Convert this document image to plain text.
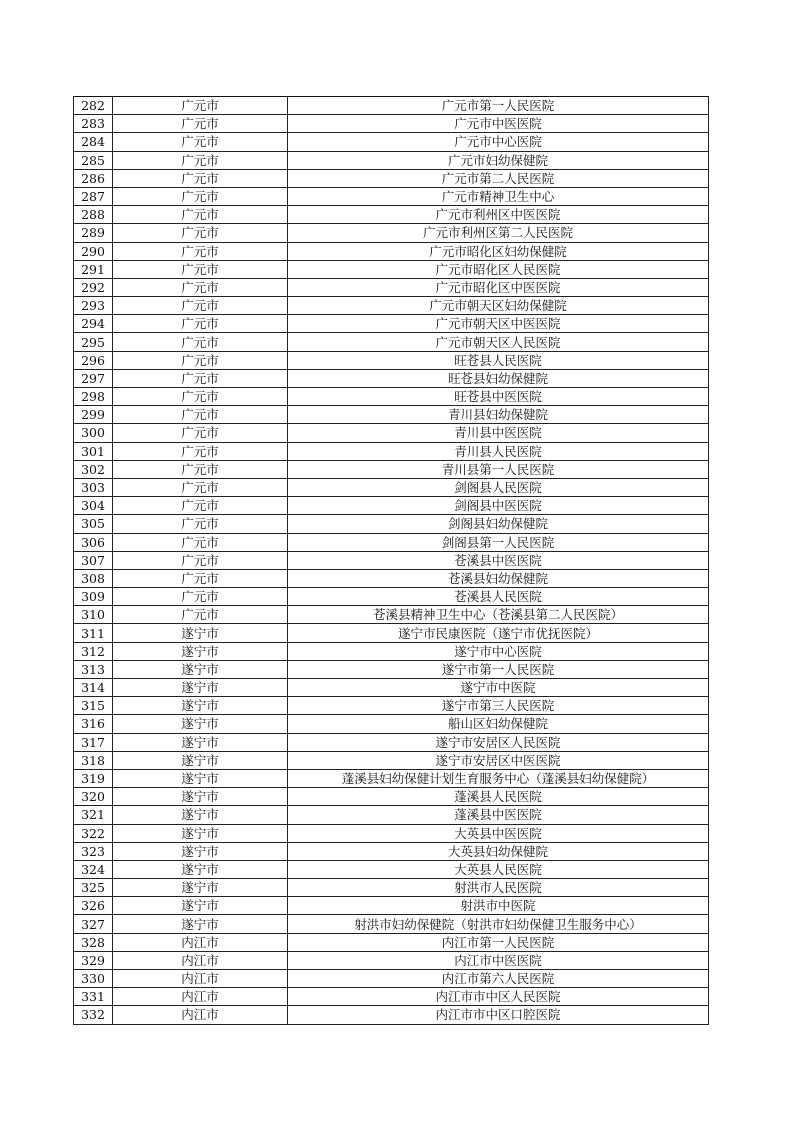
282	广元市	广元市第一人民医院
283	广元市	广元市中医医院
284	广元市	广元市中心医院
285	广元市	广元市妇幼保健院
286	广元市	广元市第二人民医院
287	广元市	广元市精神卫生中心
288	广元市	广元市利州区中医医院
289	广元市	广元市利州区第二人民医院
290	广元市	广元市昭化区妇幼保健院
291	广元市	广元市昭化区人民医院
292	广元市	广元市昭化区中医医院
293	广元市	广元市朝天区妇幼保健院
294	广元市	广元市朝天区中医医院
295	广元市	广元市朝天区人民医院
296	广元市	旺苍县人民医院
297	广元市	旺苍县妇幼保健院
298	广元市	旺苍县中医医院
299	广元市	青川县妇幼保健院
300	广元市	青川县中医医院
301	广元市	青川县人民医院
302	广元市	青川县第一人民医院
303	广元市	剑阁县人民医院
304	广元市	剑阁县中医医院
305	广元市	剑阁县妇幼保健院
306	广元市	剑阁县第一人民医院
307	广元市	苍溪县中医医院
308	广元市	苍溪县妇幼保健院
309	广元市	苍溪县人民医院
310	广元市	苍溪县精神卫生中心（苍溪县第二人民医院）
311	遂宁市	遂宁市民康医院（遂宁市优抚医院）
312	遂宁市	遂宁市中心医院
313	遂宁市	遂宁市第一人民医院
314	遂宁市	遂宁市中医院
315	遂宁市	遂宁市第三人民医院
316	遂宁市	船山区妇幼保健院
317	遂宁市	遂宁市安居区人民医院
318	遂宁市	遂宁市安居区中医医院
319	遂宁市	蓬溪县妇幼保健计划生育服务中心（蓬溪县妇幼保健院）
320	遂宁市	蓬溪县人民医院
321	遂宁市	蓬溪县中医医院
322	遂宁市	大英县中医医院
323	遂宁市	大英县妇幼保健院
324	遂宁市	大英县人民医院
325	遂宁市	射洪市人民医院
326	遂宁市	射洪市中医院
327	遂宁市	射洪市妇幼保健院（射洪市妇幼保健卫生服务中心）
328	内江市	内江市第一人民医院
329	内江市	内江市中医医院
330	内江市	内江市第六人民医院
331	内江市	内江市市中区人民医院
332	内江市	内江市市中区口腔医院
